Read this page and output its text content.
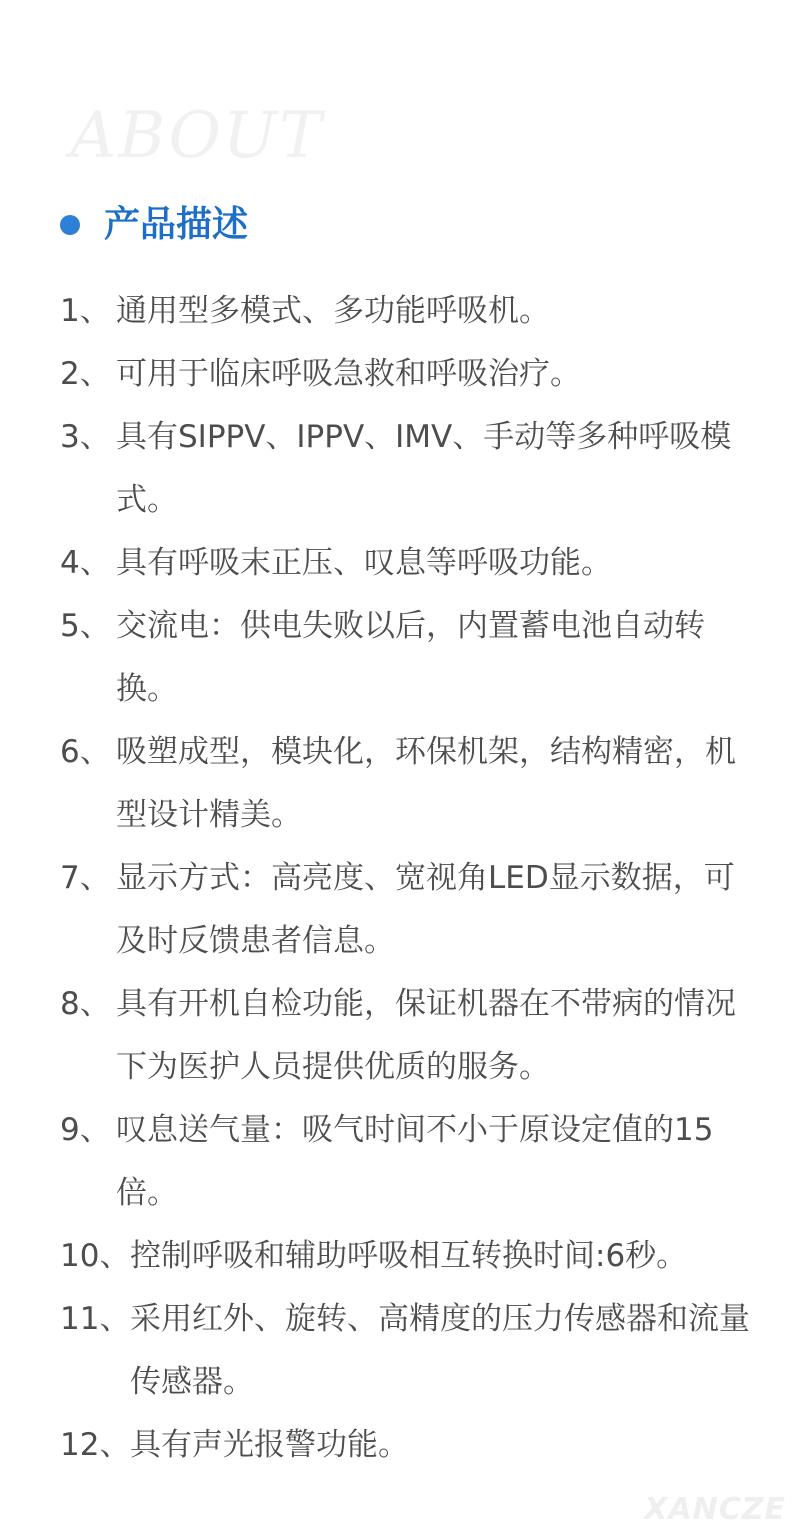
ABOUT
产品描述
1、 通用型多模式、多功能呼吸机。
2、 可用于临床呼吸急救和呼吸治疗。
3、 具有SIPPV、IPPV、IMV、手动等多种呼吸模式。
4、 具有呼吸末正压、叹息等呼吸功能。
5、 交流电：供电失败以后，内置蓄电池自动转换。
6、 吸塑成型，模块化，环保机架，结构精密，机型设计精美。
7、 显示方式：高亮度、宽视角LED显示数据，可及时反馈患者信息。
8、 具有开机自检功能，保证机器在不带病的情况下为医护人员提供优质的服务。
9、 叹息送气量：吸气时间不小于原设定值的15倍。
10、 控制呼吸和辅助呼吸相互转换时间:6秒。
11、 采用红外、旋转、高精度的压力传感器和流量传感器。
12、 具有声光报警功能。
XANCZE
